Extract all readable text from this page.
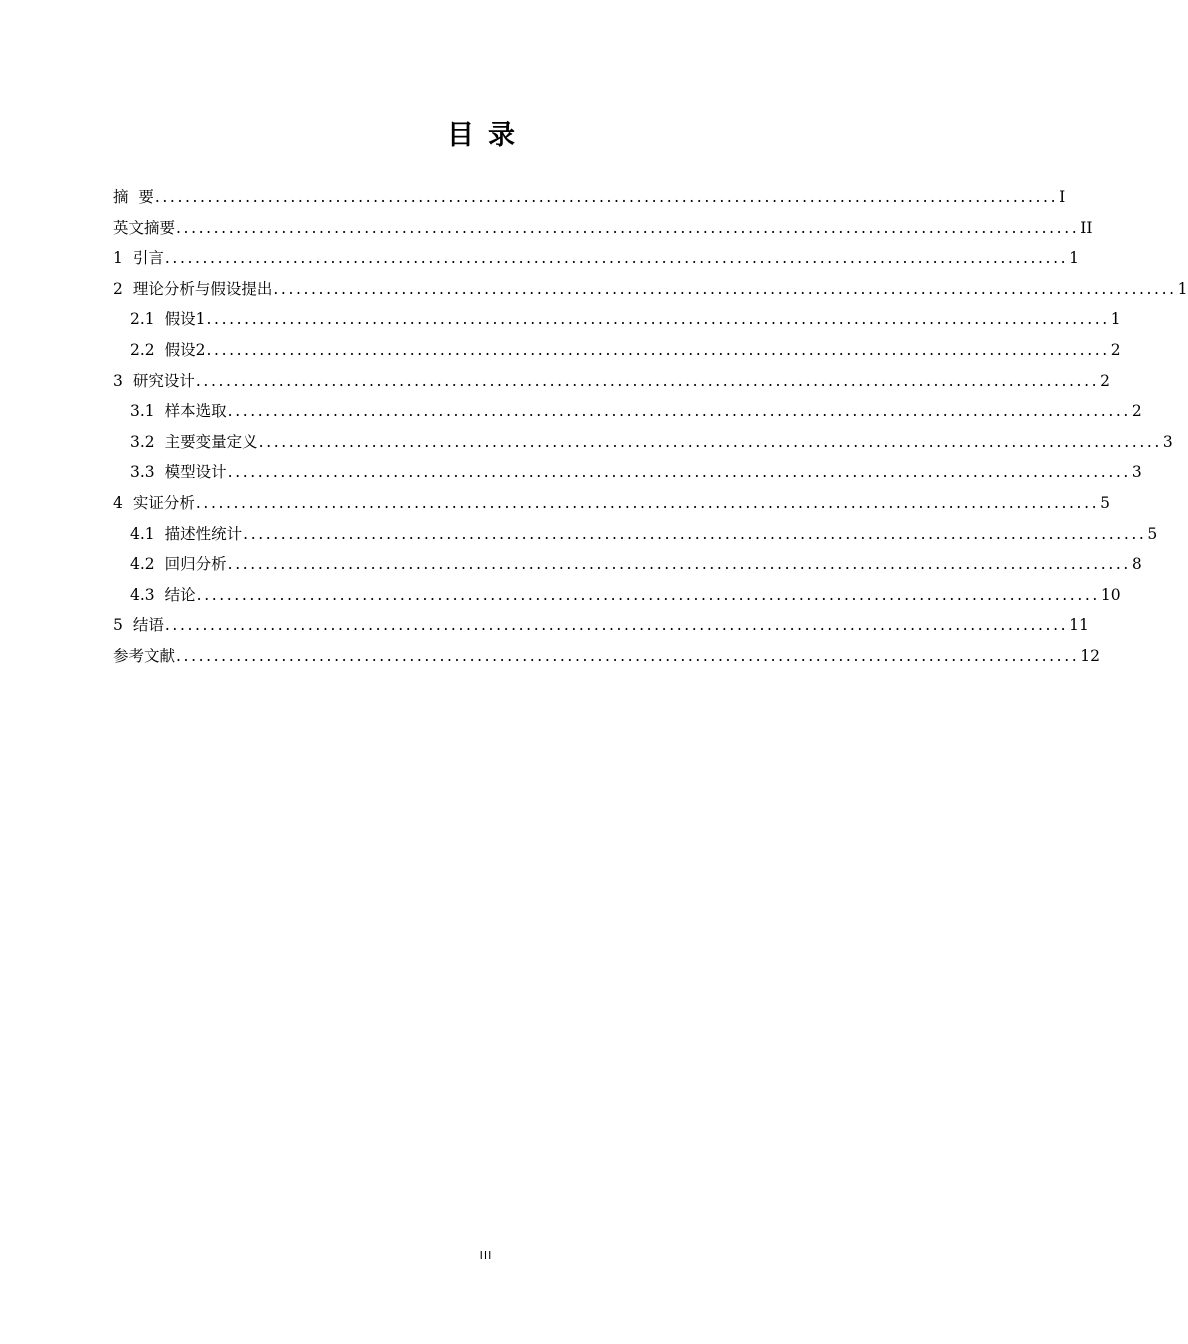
目录
摘  要 ........................................................................................................................ I
英文摘要 ........................................................................................................................ II
1 引言 ........................................................................................................................ 1
2 理论分析与假设提出 ........................................................................................................................ 1
2.1 假设1 ........................................................................................................................ 1
2.2 假设2 ........................................................................................................................ 2
3 研究设计 ........................................................................................................................ 2
3.1 样本选取 ........................................................................................................................ 2
3.2 主要变量定义 ........................................................................................................................ 3
3.3 模型设计 ........................................................................................................................ 3
4 实证分析 ........................................................................................................................ 5
4.1 描述性统计 ........................................................................................................................ 5
4.2 回归分析 ........................................................................................................................ 8
4.3 结论 ........................................................................................................................ 10
5 结语 ........................................................................................................................ 11
参考文献 ........................................................................................................................ 12
III
